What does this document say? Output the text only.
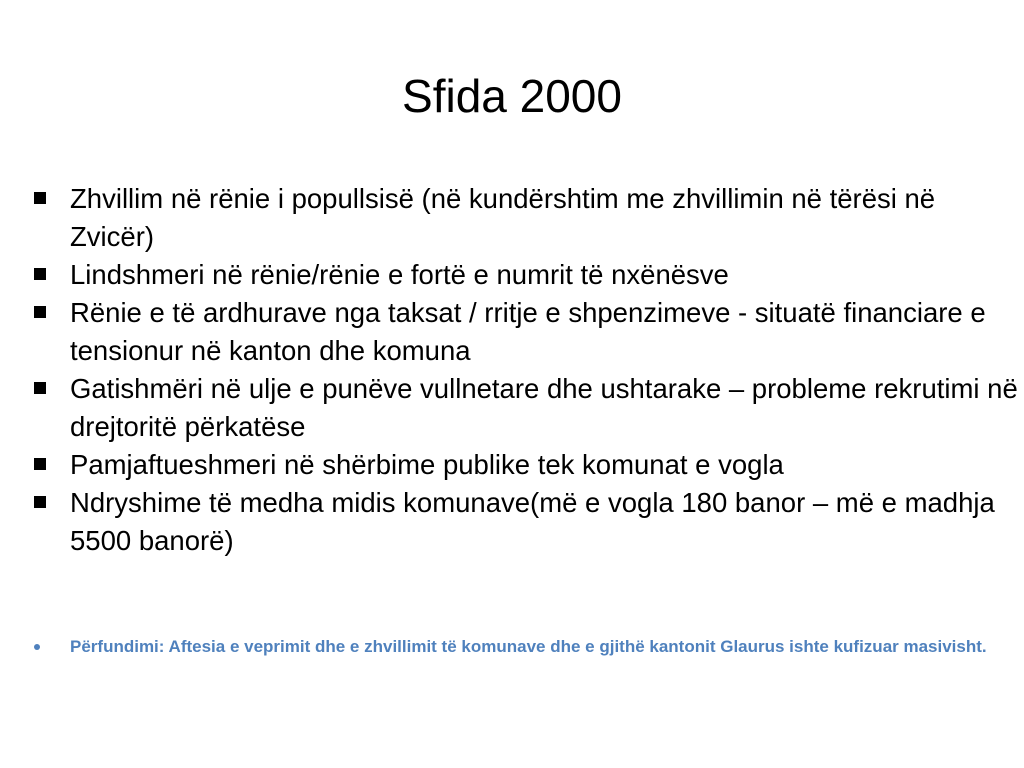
Sfida 2000
Zhvillim në rënie i popullsisë (në kundërshtim me zhvillimin në tërësi në Zvicër)
Lindshmeri në rënie/rënie e fortë e numrit të nxënësve
Rënie e të ardhurave nga taksat / rritje e shpenzimeve - situatë financiare e tensionur në kanton dhe komuna
Gatishmëri në ulje e punëve vullnetare dhe ushtarake – probleme rekrutimi në drejtoritë përkatëse
Pamjaftueshmeri në shërbime publike tek komunat e vogla
Ndryshime të medha midis komunave(më e vogla 180 banor – më e madhja 5500 banorë)

Përfundimi: Aftesia e veprimit dhe e zhvillimit të komunave dhe e gjithë kantonit Glaurus ishte kufizuar masivisht.
